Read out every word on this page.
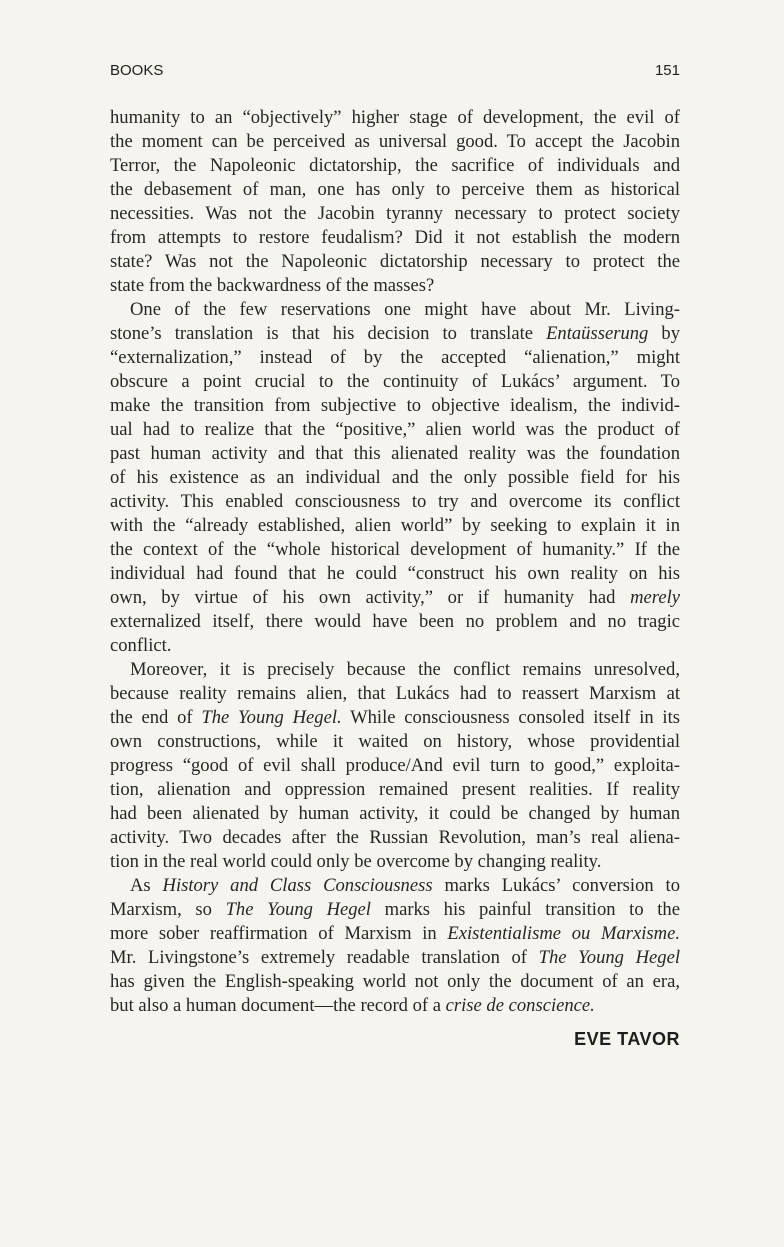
BOOKS	151
humanity to an “objectively” higher stage of development, the evil of
the moment can be perceived as universal good. To accept the Jacobin
Terror, the Napoleonic dictatorship, the sacrifice of individuals and
the debasement of man, one has only to perceive them as historical
necessities. Was not the Jacobin tyranny necessary to protect society
from attempts to restore feudalism? Did it not establish the modern
state? Was not the Napoleonic dictatorship necessary to protect the
state from the backwardness of the masses?
One of the few reservations one might have about Mr. Living-
stone’s translation is that his decision to translate Entaüsserung by
“externalization,” instead of by the accepted “alienation,” might
obscure a point crucial to the continuity of Lukács’ argument. To
make the transition from subjective to objective idealism, the individ-
ual had to realize that the “positive,” alien world was the product of
past human activity and that this alienated reality was the foundation
of his existence as an individual and the only possible field for his
activity. This enabled consciousness to try and overcome its conflict
with the “already established, alien world” by seeking to explain it in
the context of the “whole historical development of humanity.” If the
individual had found that he could “construct his own reality on his
own, by virtue of his own activity,” or if humanity had merely
externalized itself, there would have been no problem and no tragic
conflict.
Moreover, it is precisely because the conflict remains unresolved,
because reality remains alien, that Lukács had to reassert Marxism at
the end of The Young Hegel. While consciousness consoled itself in its
own constructions, while it waited on history, whose providential
progress “good of evil shall produce/And evil turn to good,” exploita-
tion, alienation and oppression remained present realities. If reality
had been alienated by human activity, it could be changed by human
activity. Two decades after the Russian Revolution, man’s real aliena-
tion in the real world could only be overcome by changing reality.
As History and Class Consciousness marks Lukács’ conversion to
Marxism, so The Young Hegel marks his painful transition to the
more sober reaffirmation of Marxism in Existentialisme ou Marxisme.
Mr. Livingstone’s extremely readable translation of The Young Hegel
has given the English-speaking world not only the document of an era,
but also a human document—the record of a crise de conscience.
EVE TAVOR
